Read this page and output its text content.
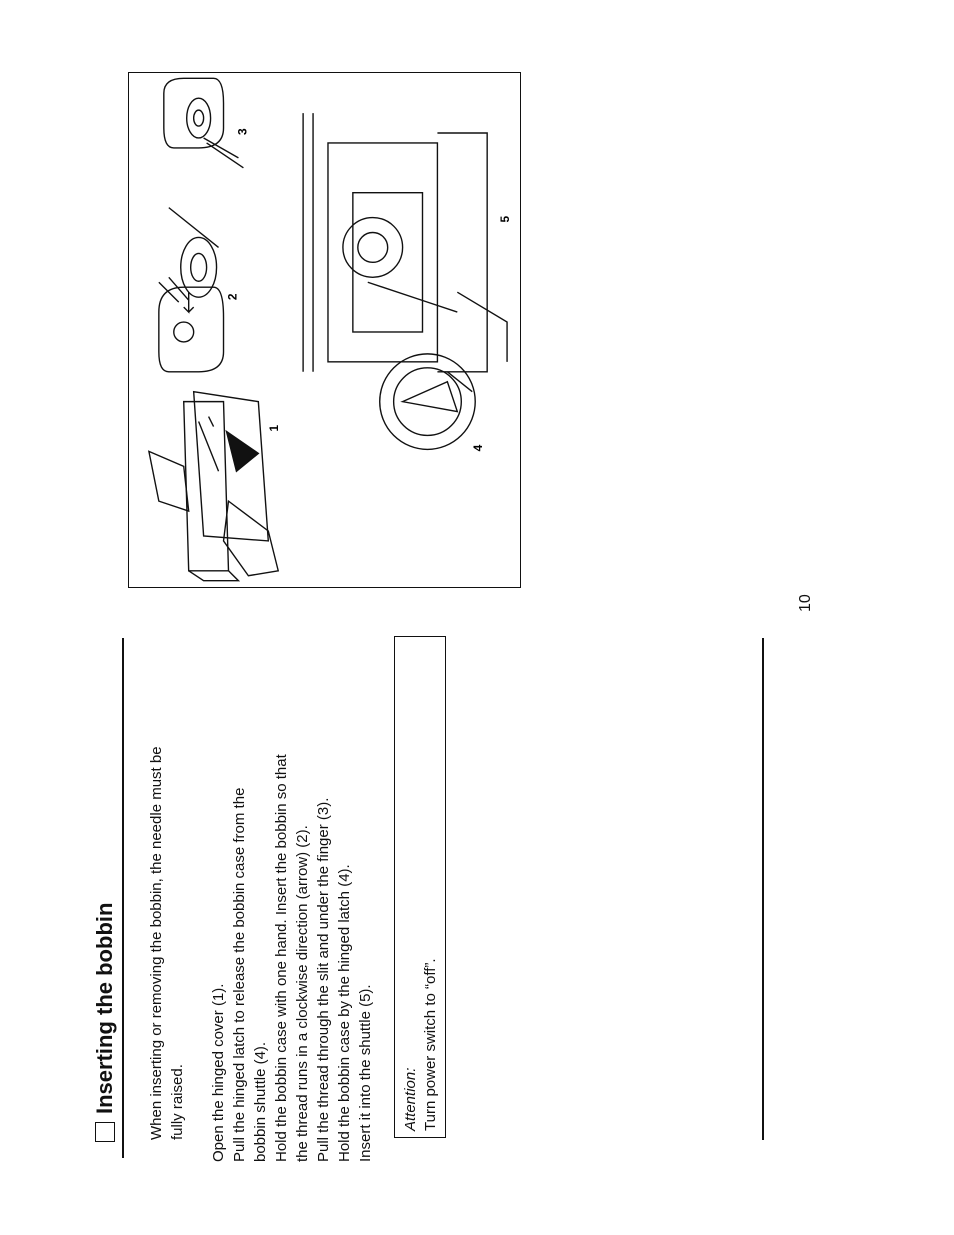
Inserting the bobbin When inserting or removing the bobbin, the needle must be fully raised. Open the hinged cover (1). Pull the hinged latch to release the bobbin case from the bobbin shuttle (4). Hold the bobbin case with one hand. Insert the bobbin so that the thread runs in a clockwise direction (arrow) (2). Pull the thread through the slit and under the finger (3). Hold the bobbin case by the hinged latch (4). Insert it into the shuttle (5). Attention: Turn power switch to “off”.
10
1
2
3
4
5
